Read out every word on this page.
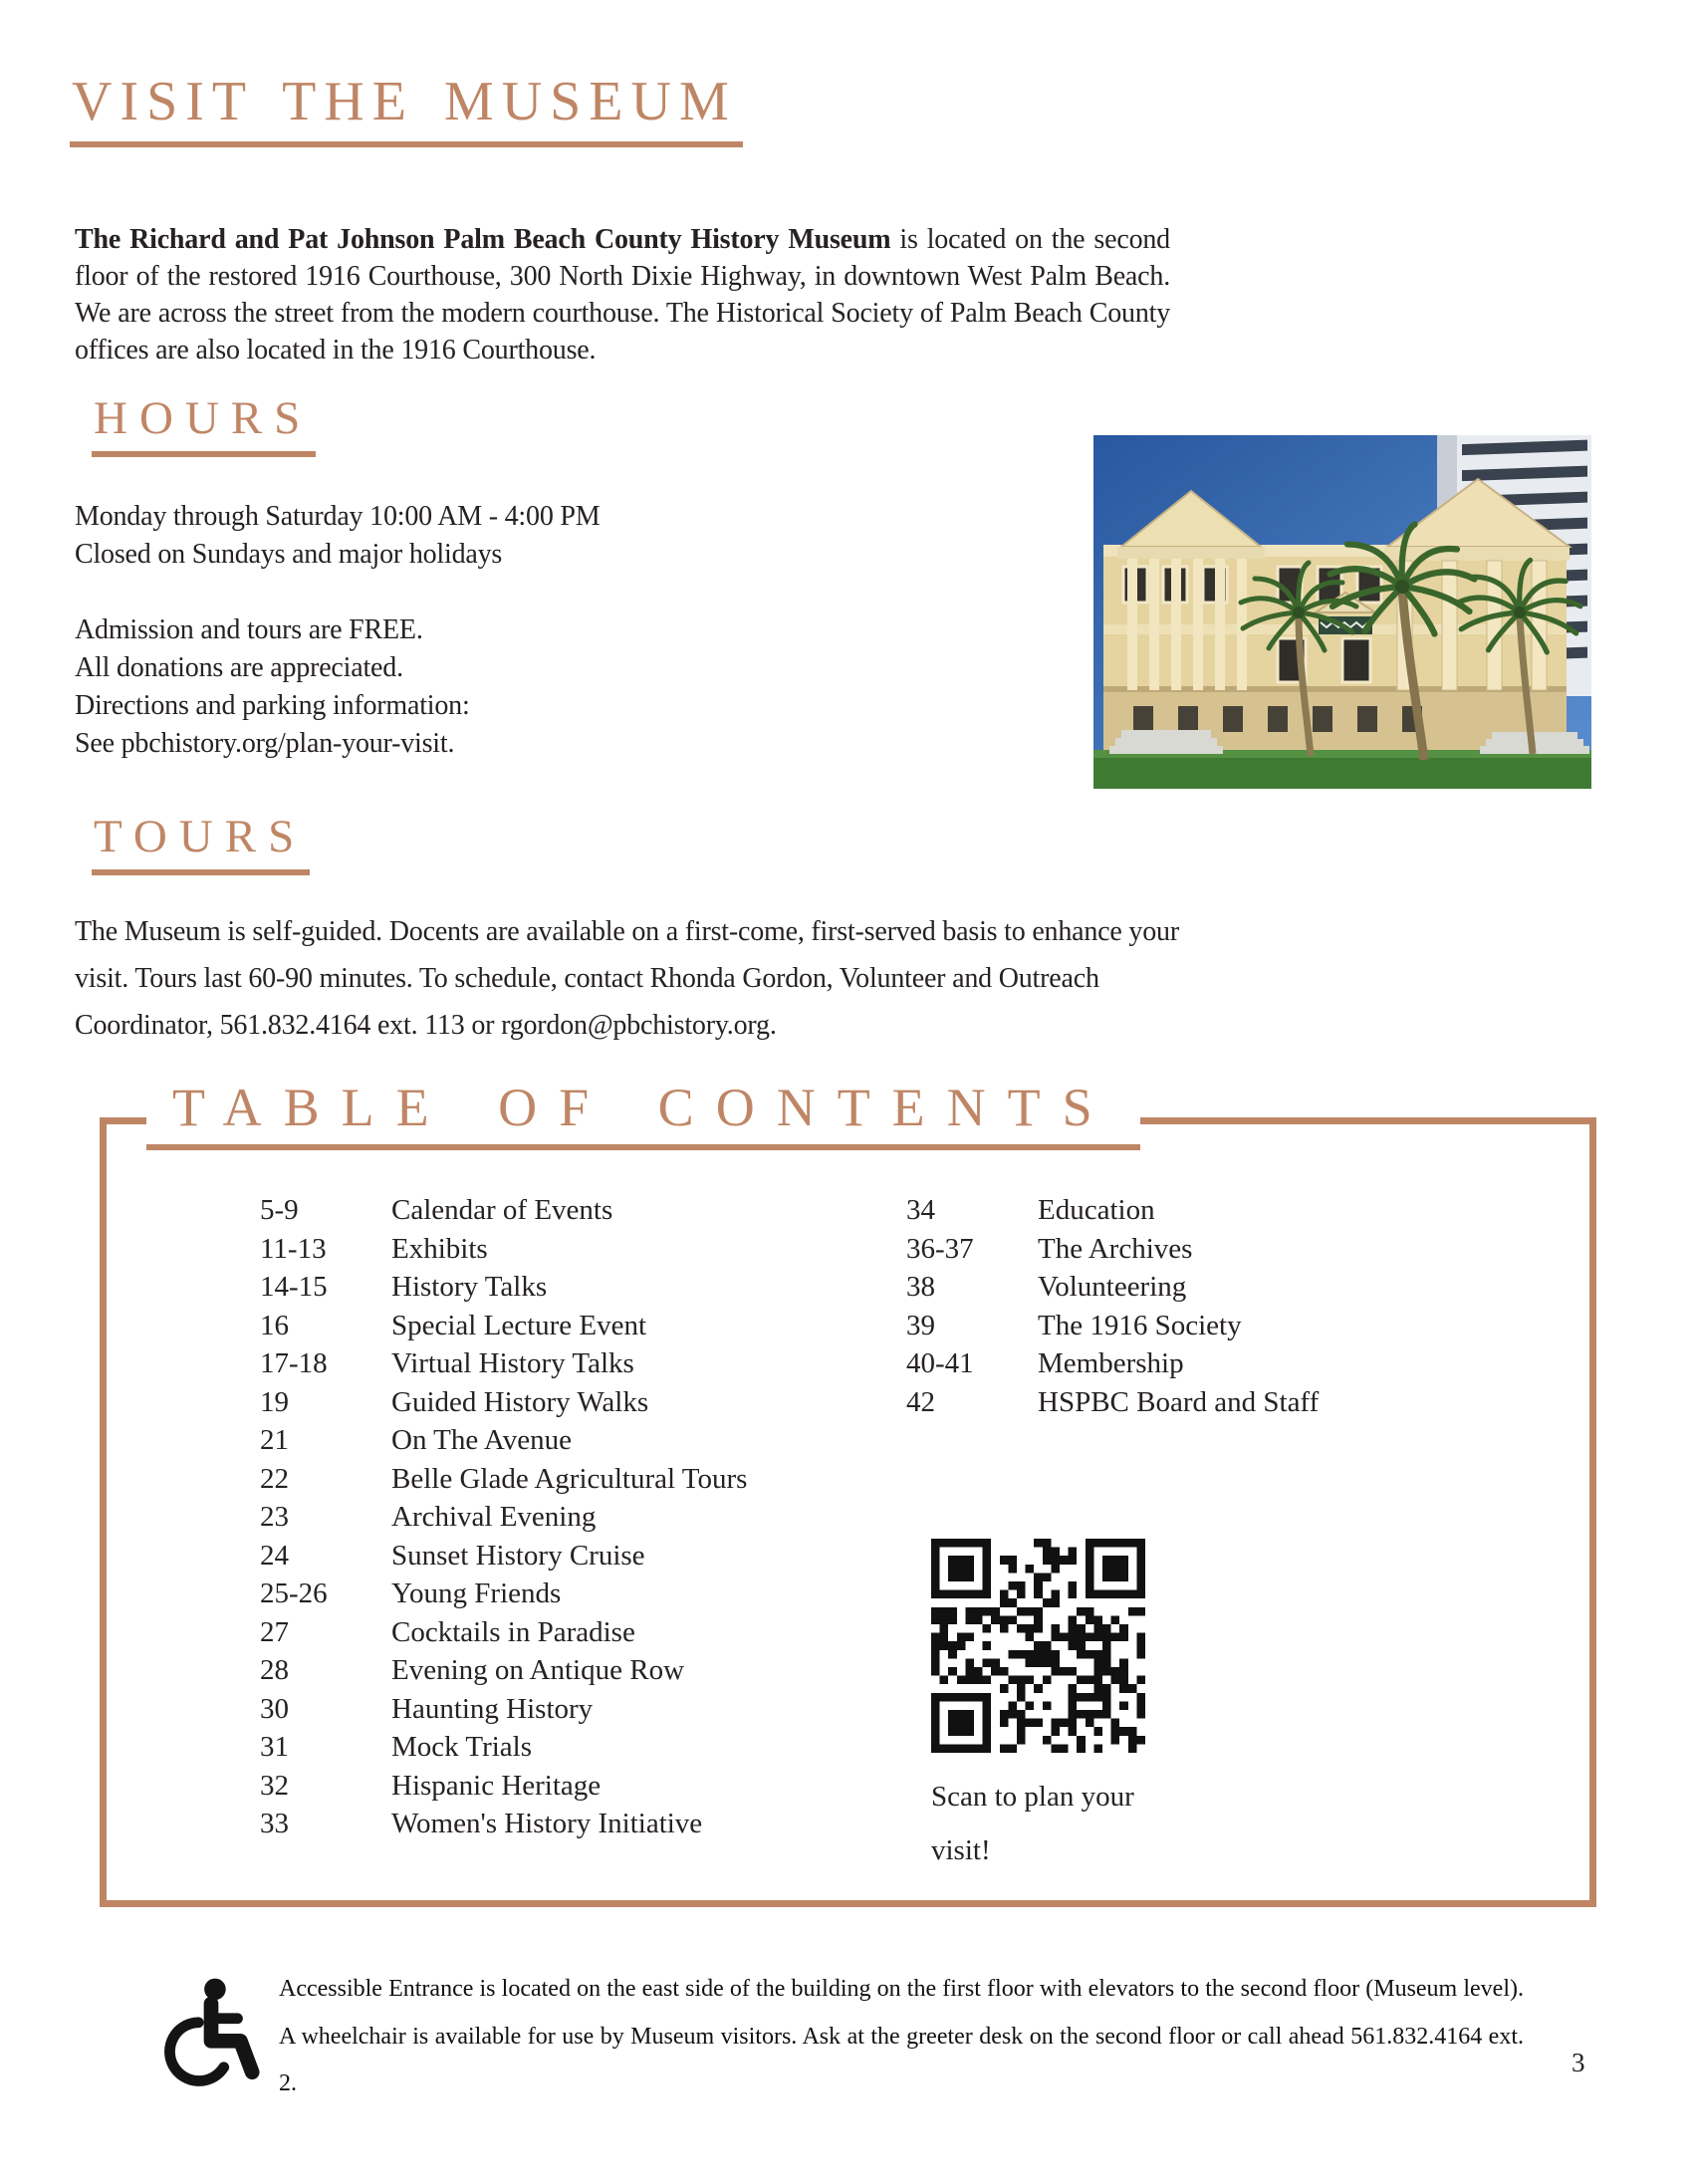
VISIT THE MUSEUM

The Richard and Pat Johnson Palm Beach County History Museum is located on the second floor of the restored 1916 Courthouse, 300 North Dixie Highway, in downtown West Palm Beach. We are across the street from the modern courthouse. The Historical Society of Palm Beach County offices are also located in the 1916 Courthouse.

HOURS
Monday through Saturday 10:00 AM - 4:00 PM
Closed on Sundays and major holidays
Admission and tours are FREE.
All donations are appreciated.
Directions and parking information:
See pbchistory.org/plan-your-visit.
TOURS

The Museum is self-guided. Docents are available on a first-come, first-served basis to enhance your visit. Tours last 60-90 minutes. To schedule, contact Rhonda Gordon, Volunteer and Outreach Coordinator, 561.832.4164 ext. 113 or rgordon@pbchistory.org.

TABLE OF CONTENTS
5-9	Calendar of Events
11-13	Exhibits
14-15	History Talks
16	Special Lecture Event
17-18	Virtual History Talks
19	Guided History Walks
21	On The Avenue
22	Belle Glade Agricultural Tours
23	Archival Evening
24	Sunset History Cruise
25-26	Young Friends
27	Cocktails in Paradise
28	Evening on Antique Row
30	Haunting History
31	Mock Trials
32	Hispanic Heritage
33	Women's History Initiative
34	Education
36-37	The Archives
38	Volunteering
39	The 1916 Society
40-41	Membership
42	HSPBC Board and Staff
Scan to plan your visit!

Accessible Entrance is located on the east side of the building on the first floor with elevators to the second floor (Museum level). A wheelchair is available for use by Museum visitors. Ask at the greeter desk on the second floor or call ahead 561.832.4164 ext. 2.

3
